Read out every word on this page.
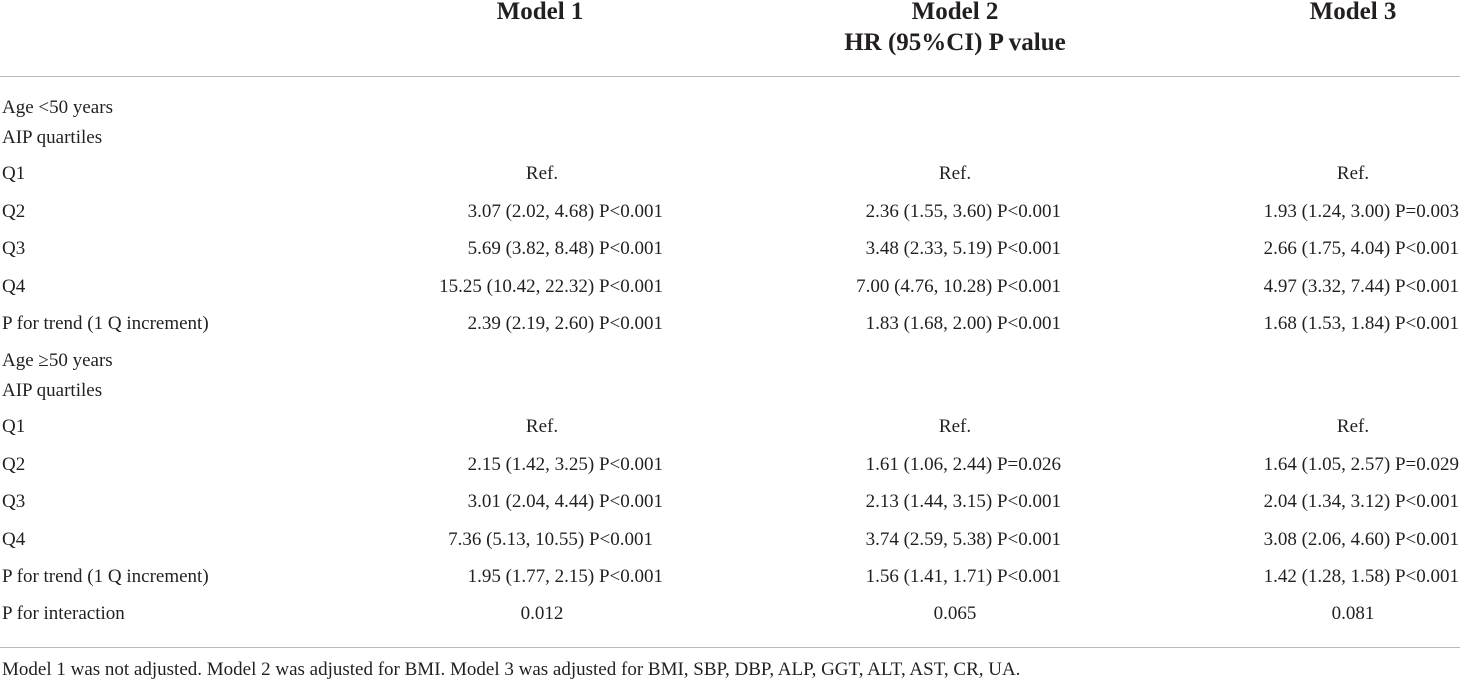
Model 1	Model 2	Model 3
HR (95%CI) P value
Age <50 years
AIP quartiles
Q1	Ref.	Ref.	Ref.
Q2	3.07 (2.02, 4.68) P<0.001	2.36 (1.55, 3.60) P<0.001	1.93 (1.24, 3.00) P=0.003
Q3	5.69 (3.82, 8.48) P<0.001	3.48 (2.33, 5.19) P<0.001	2.66 (1.75, 4.04) P<0.001
Q4	15.25 (10.42, 22.32) P<0.001	7.00 (4.76, 10.28) P<0.001	4.97 (3.32, 7.44) P<0.001
P for trend (1 Q increment)	2.39 (2.19, 2.60) P<0.001	1.83 (1.68, 2.00) P<0.001	1.68 (1.53, 1.84) P<0.001
Age ≥50 years
AIP quartiles
Q1	Ref.	Ref.	Ref.
Q2	2.15 (1.42, 3.25) P<0.001	1.61 (1.06, 2.44) P=0.026	1.64 (1.05, 2.57) P=0.029
Q3	3.01 (2.04, 4.44) P<0.001	2.13 (1.44, 3.15) P<0.001	2.04 (1.34, 3.12) P<0.001
Q4	7.36 (5.13, 10.55) P<0.001	3.74 (2.59, 5.38) P<0.001	3.08 (2.06, 4.60) P<0.001
P for trend (1 Q increment)	1.95 (1.77, 2.15) P<0.001	1.56 (1.41, 1.71) P<0.001	1.42 (1.28, 1.58) P<0.001
P for interaction	0.012	0.065	0.081
Model 1 was not adjusted. Model 2 was adjusted for BMI. Model 3 was adjusted for BMI, SBP, DBP, ALP, GGT, ALT, AST, CR, UA.
